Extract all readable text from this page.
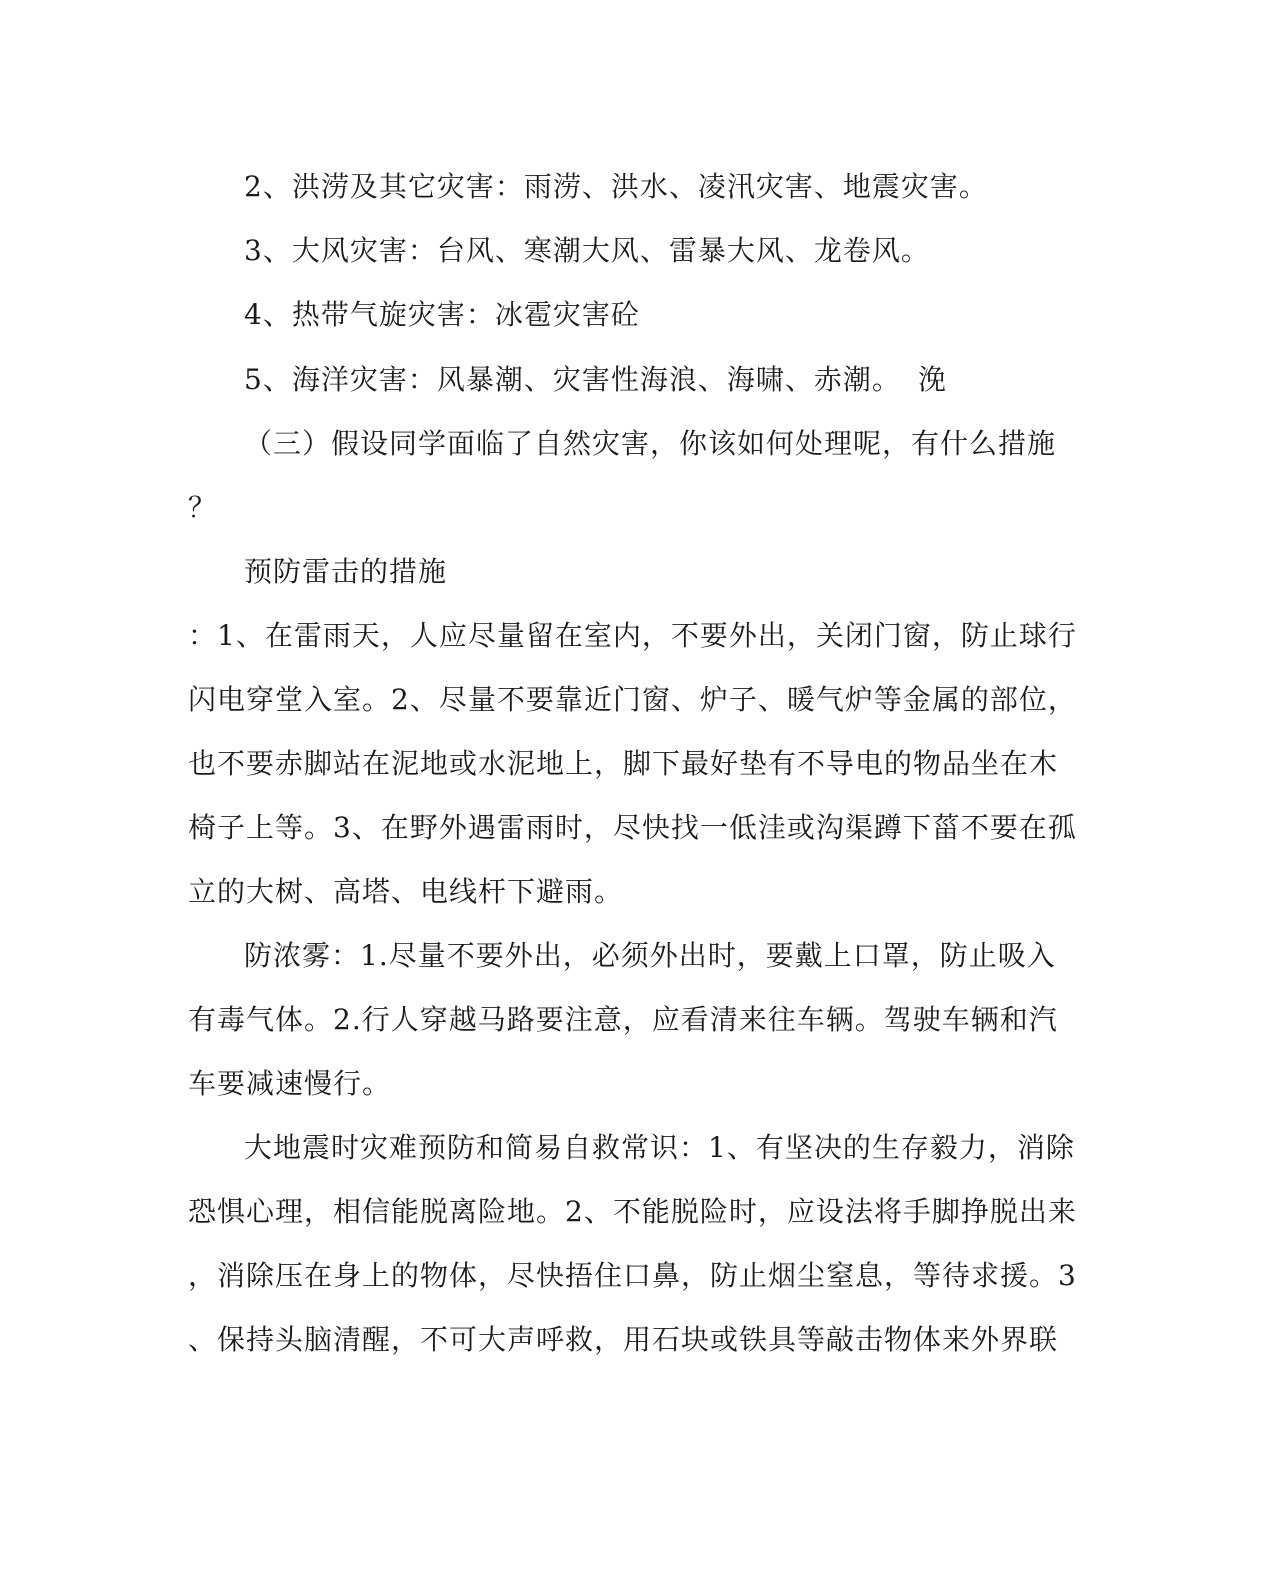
2、洪涝及其它灾害：雨涝、洪水、凌汛灾害、地震灾害。
3、大风灾害：台风、寒潮大风、雷暴大风、龙卷风。
4、热带气旋灾害：冰雹灾害砼
5、海洋灾害：风暴潮、灾害性海浪、海啸、赤潮。 浼
（三）假设同学面临了自然灾害，你该如何处理呢，有什么措施
？
预防雷击的措施
：1、在雷雨天，人应尽量留在室内，不要外出，关闭门窗，防止球行
闪电穿堂入室。2、尽量不要靠近门窗、炉子、暖气炉等金属的部位，
也不要赤脚站在泥地或水泥地上，脚下最好垫有不导电的物品坐在木
椅子上等。3、在野外遇雷雨时，尽快找一低洼或沟渠蹲下菑不要在孤
立的大树、高塔、电线杆下避雨。
防浓雾：1.尽量不要外出，必须外出时，要戴上口罩，防止吸入
有毒气体。2.行人穿越马路要注意，应看清来往车辆。驾驶车辆和汽
车要减速慢行。
大地震时灾难预防和简易自救常识：1、有坚决的生存毅力，消除
恐惧心理，相信能脱离险地。2、不能脱险时，应设法将手脚挣脱出来
，消除压在身上的物体，尽快捂住口鼻，防止烟尘窒息，等待求援。3
、保持头脑清醒，不可大声呼救，用石块或铁具等敲击物体来外界联
